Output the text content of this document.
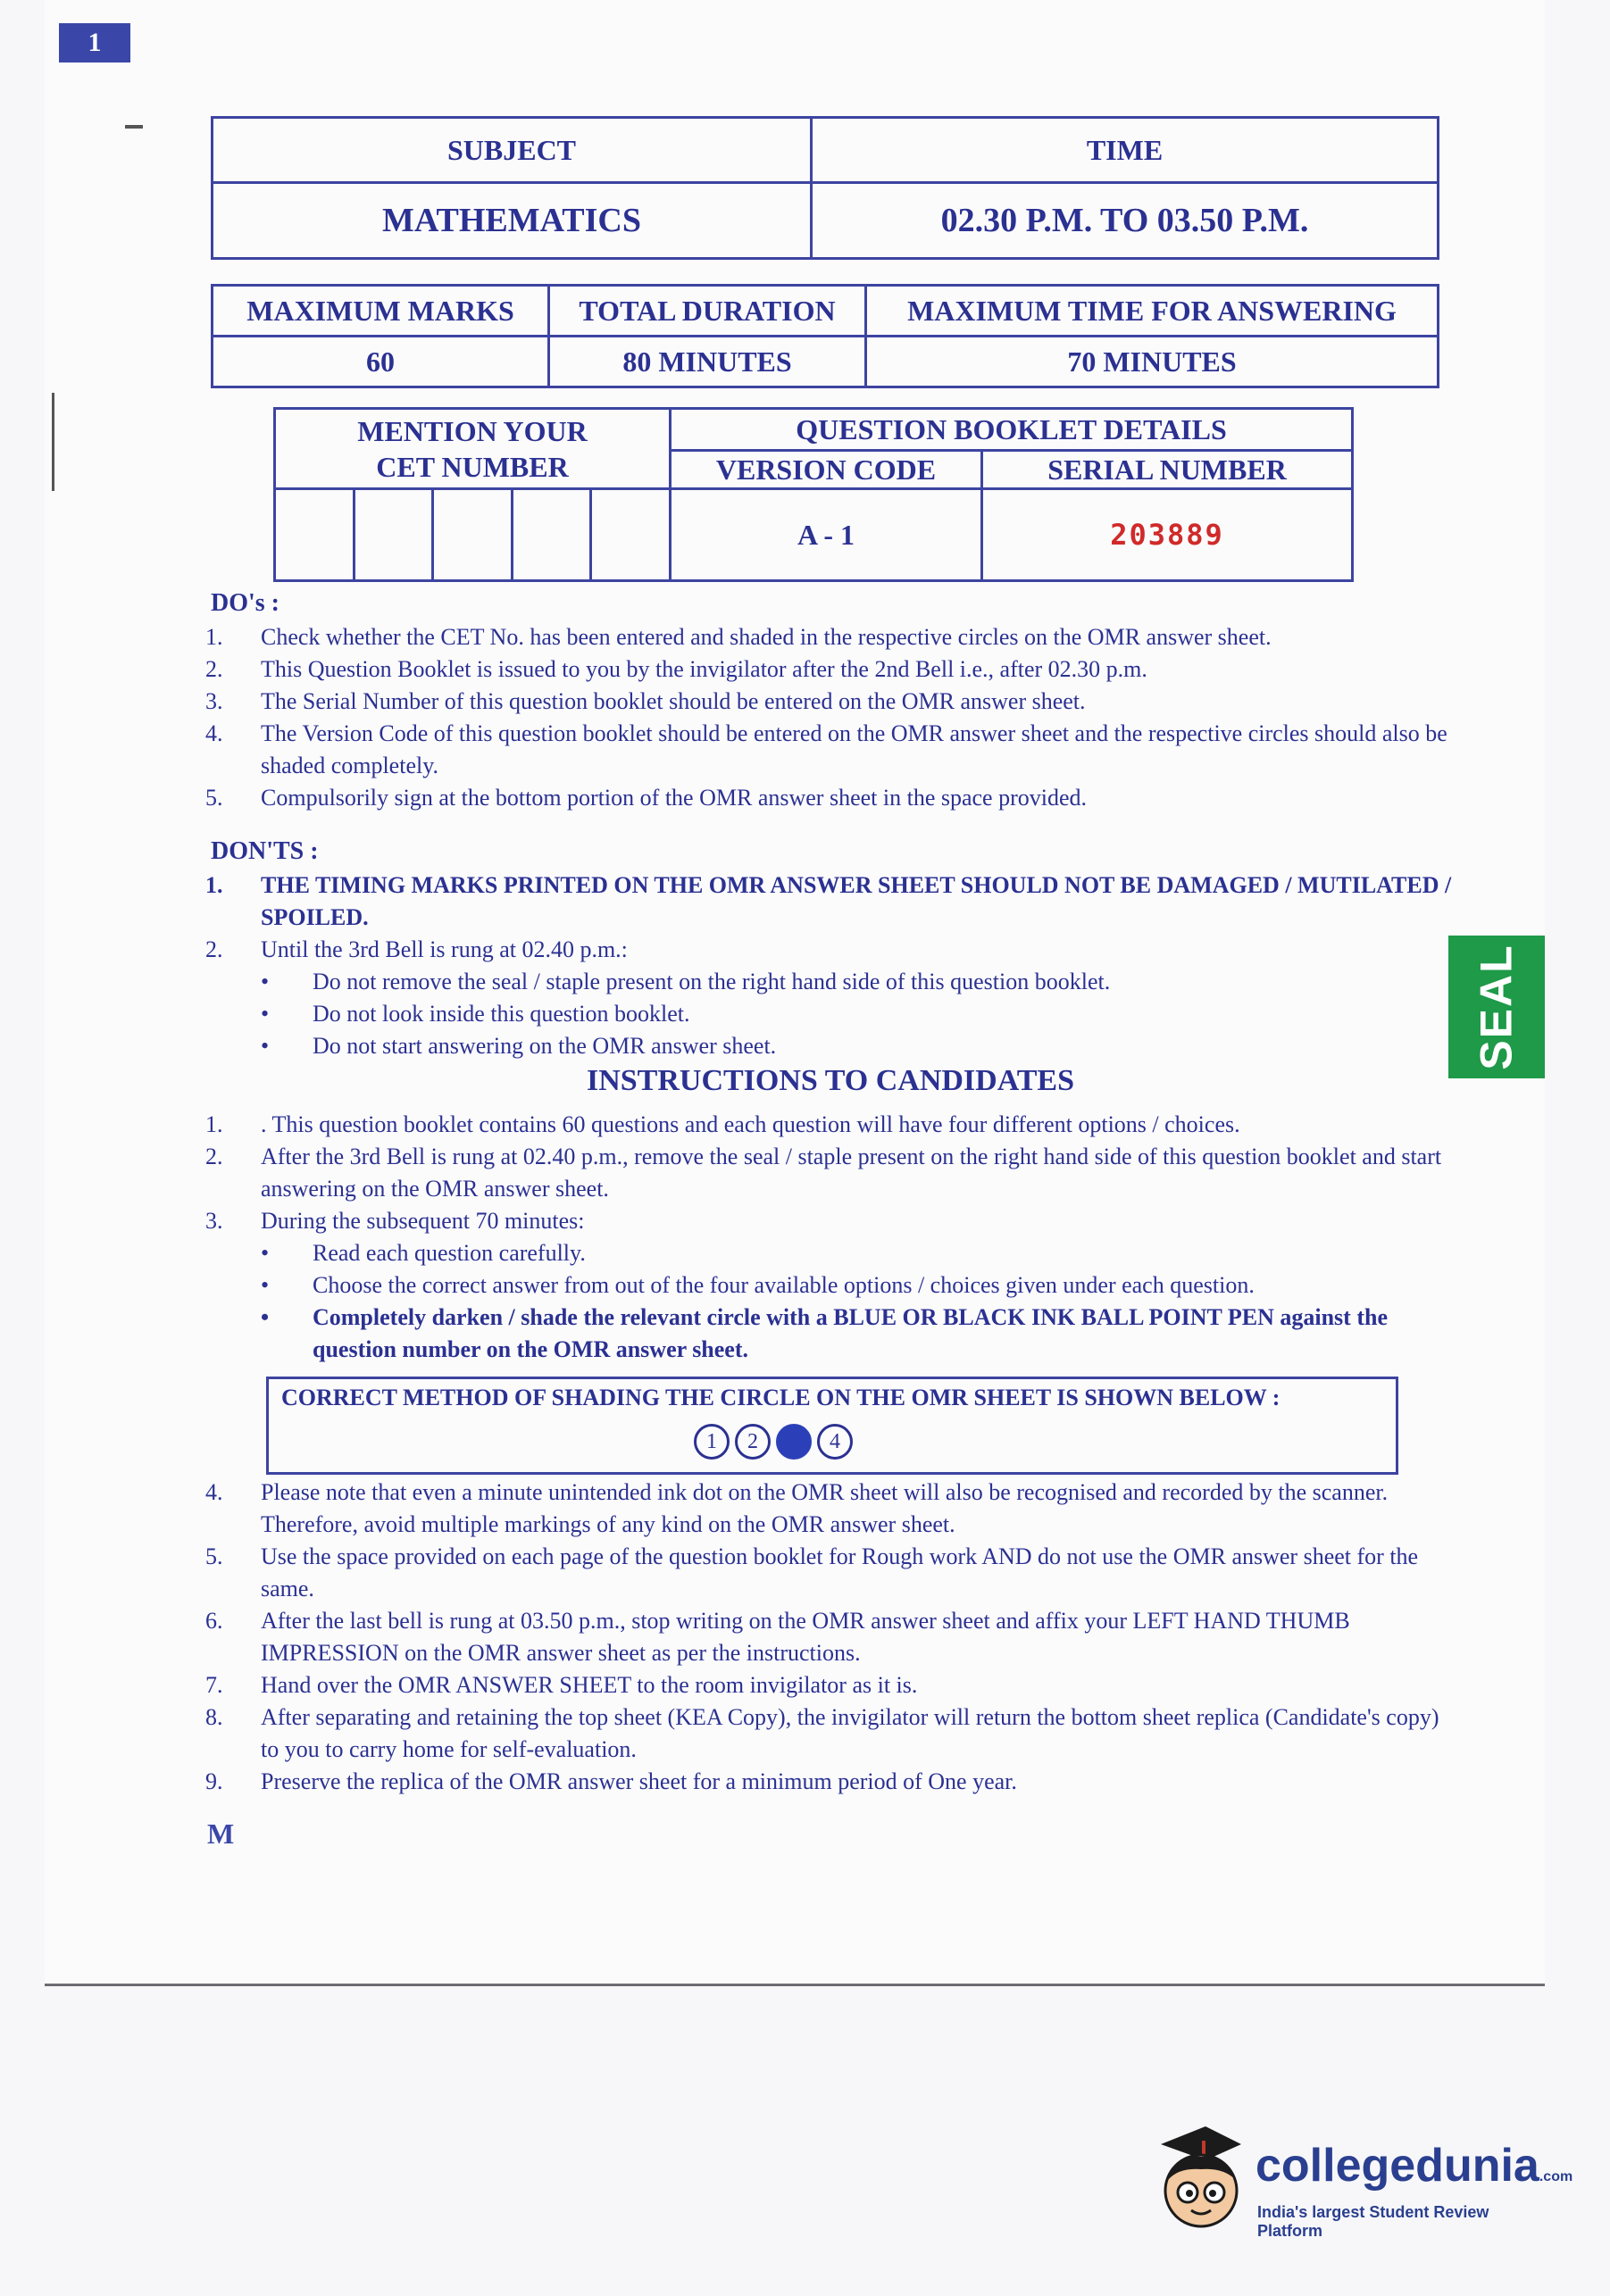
1
SUBJECT	TIME
MATHEMATICS	02.30 P.M. TO 03.50 P.M.
MAXIMUM MARKS	TOTAL DURATION	MAXIMUM TIME FOR ANSWERING
60	80 MINUTES	70 MINUTES
MENTION YOUR
CET NUMBER	QUESTION BOOKLET DETAILS	
	VERSION CODE	SERIAL NUMBER

	A - 1	203889
DO's :
1.	Check whether the CET No. has been entered and shaded in the respective circles on the OMR answer sheet.
2.	This Question Booklet is issued to you by the invigilator after the 2nd Bell i.e., after 02.30 p.m.
3.	The Serial Number of this question booklet should be entered on the OMR answer sheet.
4.	The Version Code of this question booklet should be entered on the OMR answer sheet and the respective circles should also be shaded completely.
5.	Compulsorily sign at the bottom portion of the OMR answer sheet in the space provided.
DON'TS :
1.	THE TIMING MARKS PRINTED ON THE OMR ANSWER SHEET SHOULD NOT BE DAMAGED / MUTILATED / SPOILED.
2.	Until the 3rd Bell is rung at 02.40 p.m.:
•	Do not remove the seal / staple present on the right hand side of this question booklet.
•	Do not look inside this question booklet.
•	Do not start answering on the OMR answer sheet.
INSTRUCTIONS TO CANDIDATES
1.	. This question booklet contains 60 questions and each question will have four different options / choices.
2.	After the 3rd Bell is rung at 02.40 p.m., remove the seal / staple present on the right hand side of this question booklet and start answering on the OMR answer sheet.
3.	During the subsequent 70 minutes:
•	Read each question carefully.
•	Choose the correct answer from out of the four available options / choices given under each question.
•	Completely darken / shade the relevant circle with a BLUE OR BLACK INK BALL POINT PEN against the question number on the OMR answer sheet.
CORRECT METHOD OF SHADING THE CIRCLE ON THE OMR SHEET IS SHOWN BELOW :
1	2	4
4.	Please note that even a minute unintended ink dot on the OMR sheet will also be recognised and recorded by the scanner. Therefore, avoid multiple markings of any kind on the OMR answer sheet.
5.	Use the space provided on each page of the question booklet for Rough work AND do not use the OMR answer sheet for the same.
6.	After the last bell is rung at 03.50 p.m., stop writing on the OMR answer sheet and affix your LEFT HAND THUMB IMPRESSION on the OMR answer sheet as per the instructions.
7.	Hand over the OMR ANSWER SHEET to the room invigilator as it is.
8.	After separating and retaining the top sheet (KEA Copy), the invigilator will return the bottom sheet replica (Candidate's copy) to you to carry home for self-evaluation.
9.	Preserve the replica of the OMR answer sheet for a minimum period of One year.
M
SEAL
collegedunia.com
India's largest Student Review Platform
